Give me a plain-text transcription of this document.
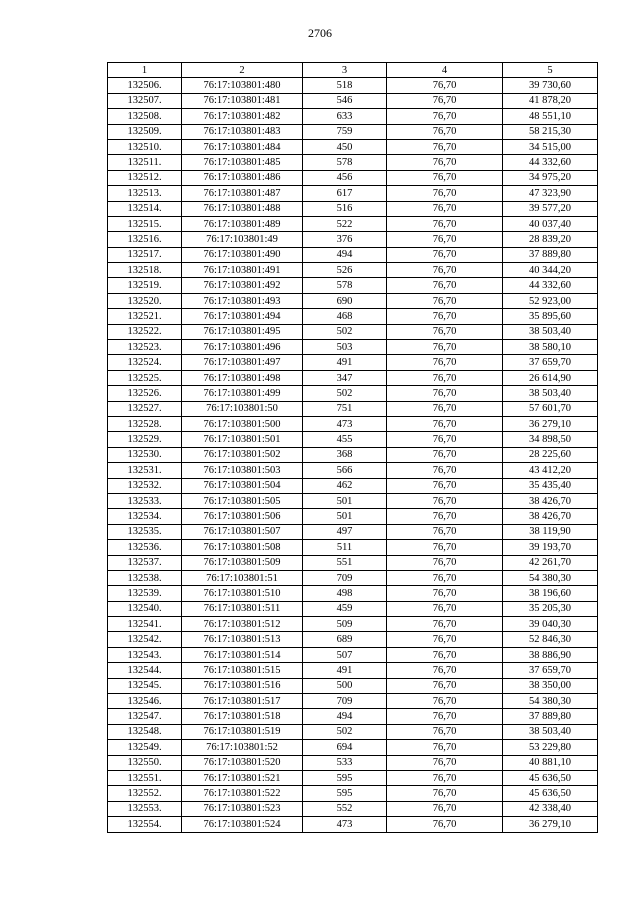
2706
1	2	3	4	5
132506.	76:17:103801:480	518	76,70	39 730,60
132507.	76:17:103801:481	546	76,70	41 878,20
132508.	76:17:103801:482	633	76,70	48 551,10
132509.	76:17:103801:483	759	76,70	58 215,30
132510.	76:17:103801:484	450	76,70	34 515,00
132511.	76:17:103801:485	578	76,70	44 332,60
132512.	76:17:103801:486	456	76,70	34 975,20
132513.	76:17:103801:487	617	76,70	47 323,90
132514.	76:17:103801:488	516	76,70	39 577,20
132515.	76:17:103801:489	522	76,70	40 037,40
132516.	76:17:103801:49	376	76,70	28 839,20
132517.	76:17:103801:490	494	76,70	37 889,80
132518.	76:17:103801:491	526	76,70	40 344,20
132519.	76:17:103801:492	578	76,70	44 332,60
132520.	76:17:103801:493	690	76,70	52 923,00
132521.	76:17:103801:494	468	76,70	35 895,60
132522.	76:17:103801:495	502	76,70	38 503,40
132523.	76:17:103801:496	503	76,70	38 580,10
132524.	76:17:103801:497	491	76,70	37 659,70
132525.	76:17:103801:498	347	76,70	26 614,90
132526.	76:17:103801:499	502	76,70	38 503,40
132527.	76:17:103801:50	751	76,70	57 601,70
132528.	76:17:103801:500	473	76,70	36 279,10
132529.	76:17:103801:501	455	76,70	34 898,50
132530.	76:17:103801:502	368	76,70	28 225,60
132531.	76:17:103801:503	566	76,70	43 412,20
132532.	76:17:103801:504	462	76,70	35 435,40
132533.	76:17:103801:505	501	76,70	38 426,70
132534.	76:17:103801:506	501	76,70	38 426,70
132535.	76:17:103801:507	497	76,70	38 119,90
132536.	76:17:103801:508	511	76,70	39 193,70
132537.	76:17:103801:509	551	76,70	42 261,70
132538.	76:17:103801:51	709	76,70	54 380,30
132539.	76:17:103801:510	498	76,70	38 196,60
132540.	76:17:103801:511	459	76,70	35 205,30
132541.	76:17:103801:512	509	76,70	39 040,30
132542.	76:17:103801:513	689	76,70	52 846,30
132543.	76:17:103801:514	507	76,70	38 886,90
132544.	76:17:103801:515	491	76,70	37 659,70
132545.	76:17:103801:516	500	76,70	38 350,00
132546.	76:17:103801:517	709	76,70	54 380,30
132547.	76:17:103801:518	494	76,70	37 889,80
132548.	76:17:103801:519	502	76,70	38 503,40
132549.	76:17:103801:52	694	76,70	53 229,80
132550.	76:17:103801:520	533	76,70	40 881,10
132551.	76:17:103801:521	595	76,70	45 636,50
132552.	76:17:103801:522	595	76,70	45 636,50
132553.	76:17:103801:523	552	76,70	42 338,40
132554.	76:17:103801:524	473	76,70	36 279,10
